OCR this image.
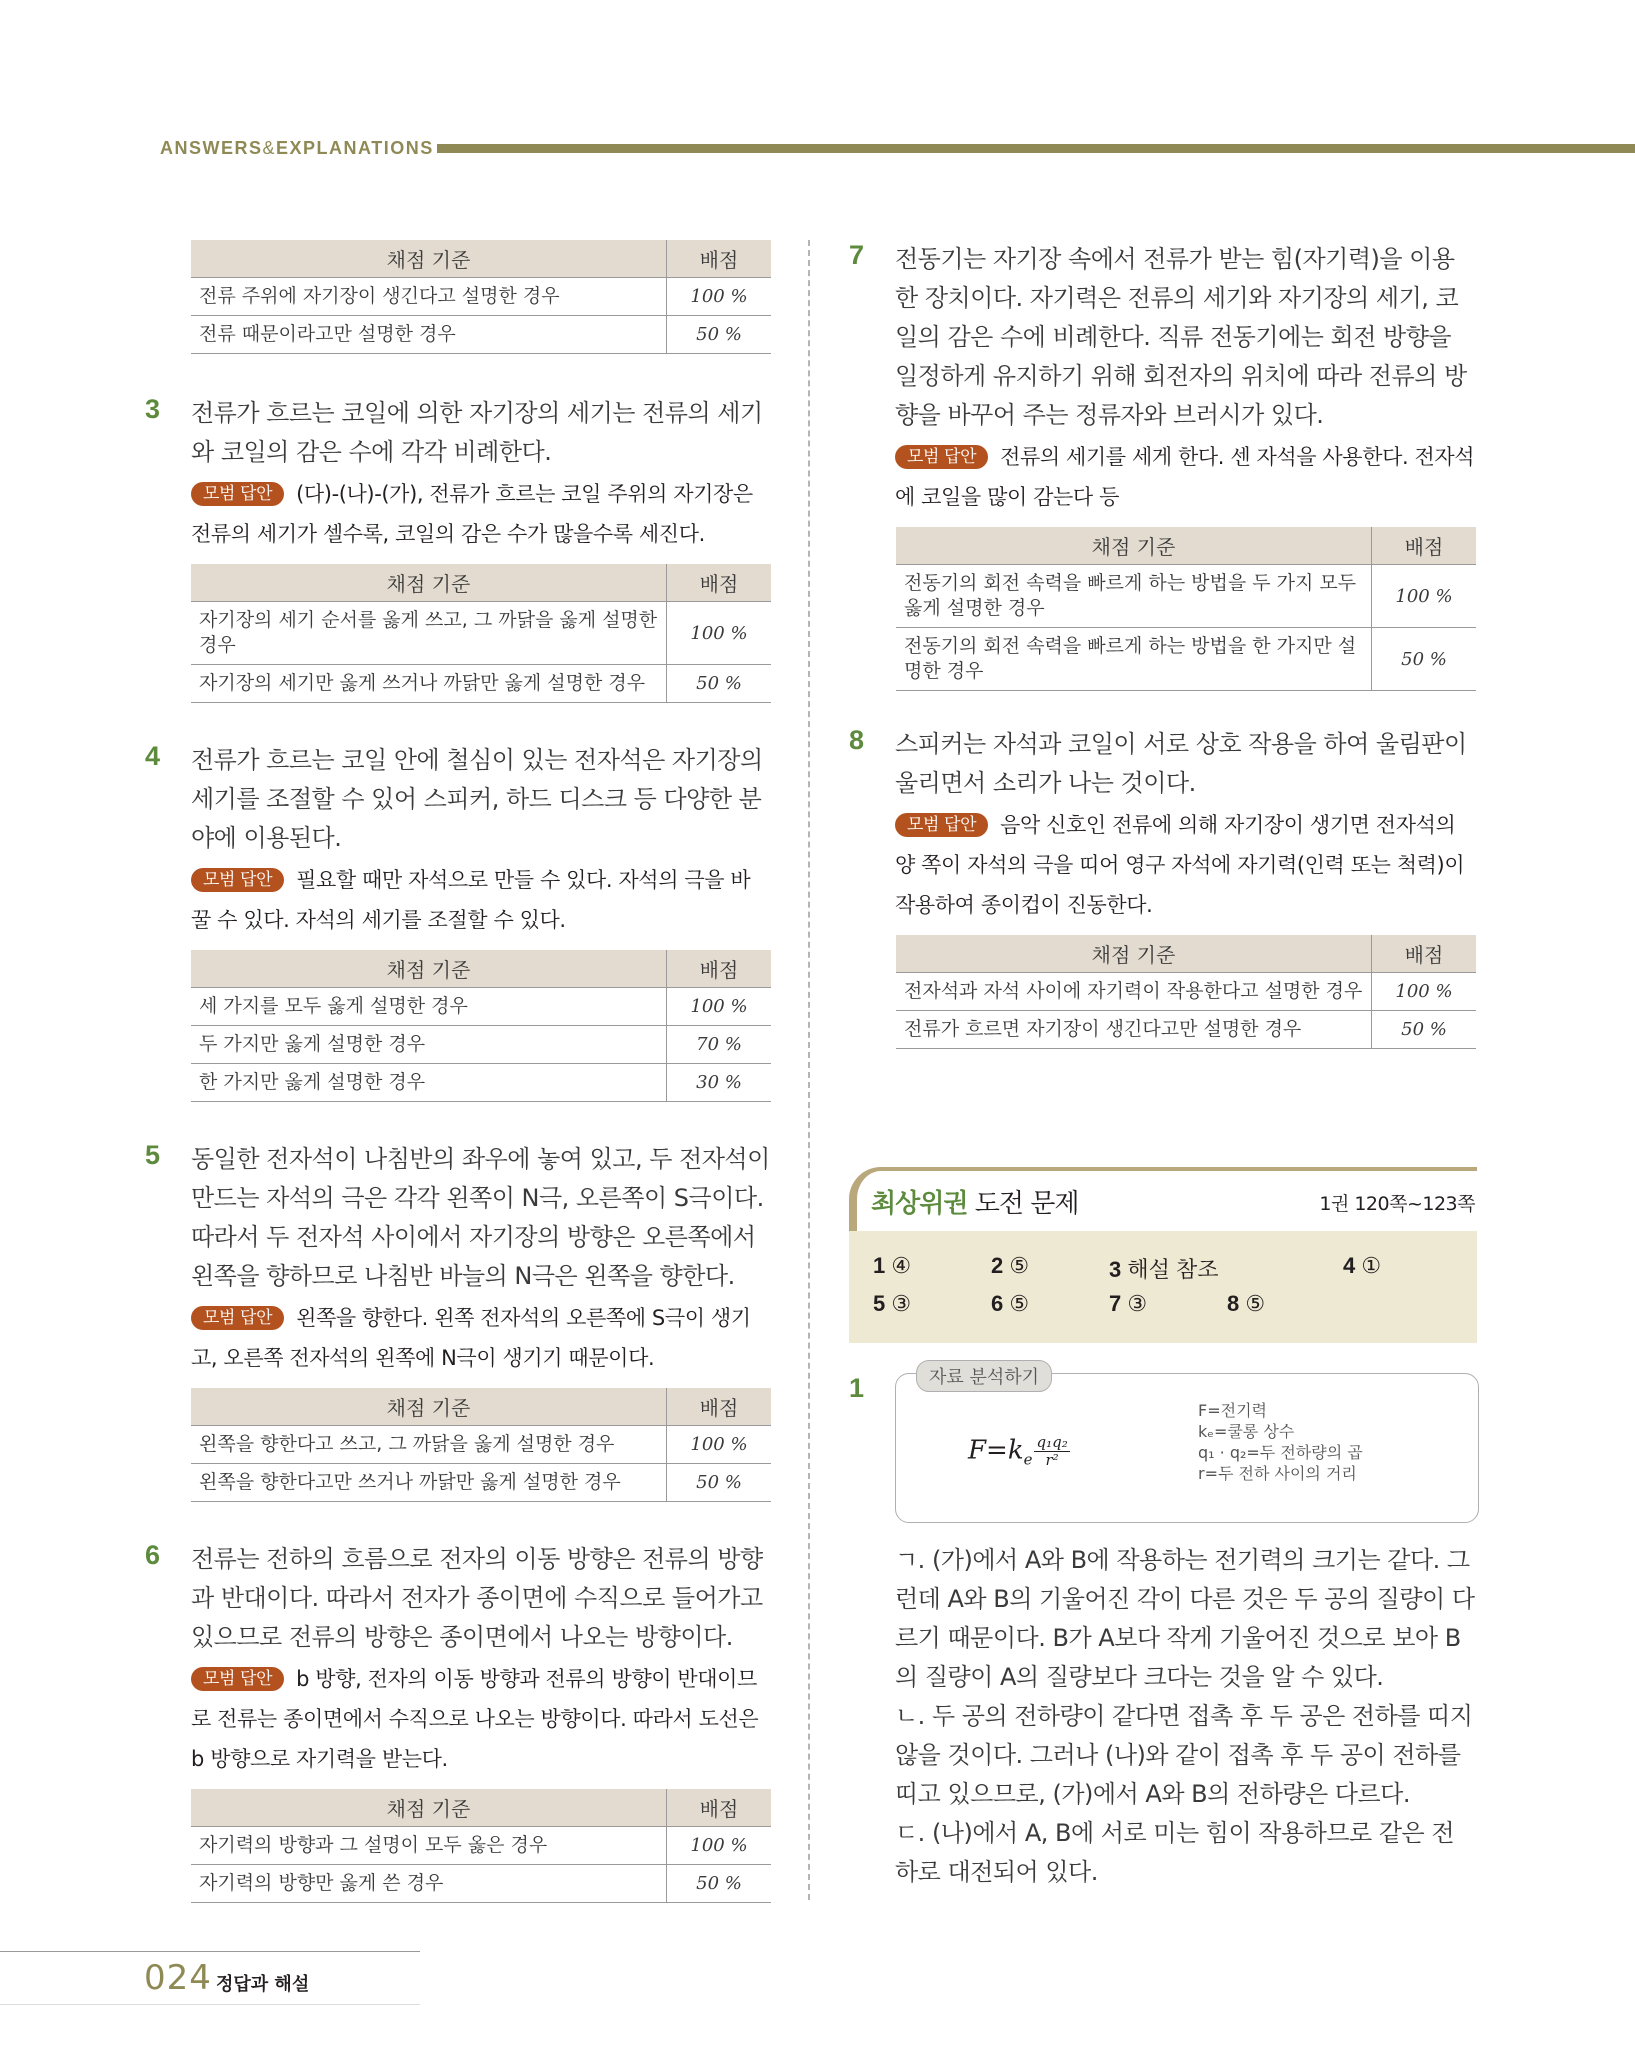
ANSWERS&EXPLANATIONS
채점 기준	배점
전류 주위에 자기장이 생긴다고 설명한 경우	100 %
전류 때문이라고만 설명한 경우	50 %
3 전류가 흐르는 코일에 의한 자기장의 세기는 전류의 세기와 코일의 감은 수에 각각 비례한다.
모범 답안 (다)-(나)-(가), 전류가 흐르는 코일 주위의 자기장은 전류의 세기가 셀수록, 코일의 감은 수가 많을수록 세진다.
채점 기준	배점
자기장의 세기 순서를 옳게 쓰고, 그 까닭을 옳게 설명한 경우	100 %
자기장의 세기만 옳게 쓰거나 까닭만 옳게 설명한 경우	50 %
4 전류가 흐르는 코일 안에 철심이 있는 전자석은 자기장의 세기를 조절할 수 있어 스피커, 하드 디스크 등 다양한 분야에 이용된다.
모범 답안 필요할 때만 자석으로 만들 수 있다. 자석의 극을 바꿀 수 있다. 자석의 세기를 조절할 수 있다.
채점 기준	배점
세 가지를 모두 옳게 설명한 경우	100 %
두 가지만 옳게 설명한 경우	70 %
한 가지만 옳게 설명한 경우	30 %
5 동일한 전자석이 나침반의 좌우에 놓여 있고, 두 전자석이 만드는 자석의 극은 각각 왼쪽이 N극, 오른쪽이 S극이다. 따라서 두 전자석 사이에서 자기장의 방향은 오른쪽에서 왼쪽을 향하므로 나침반 바늘의 N극은 왼쪽을 향한다.
모범 답안 왼쪽을 향한다. 왼쪽 전자석의 오른쪽에 S극이 생기고, 오른쪽 전자석의 왼쪽에 N극이 생기기 때문이다.
채점 기준	배점
왼쪽을 향한다고 쓰고, 그 까닭을 옳게 설명한 경우	100 %
왼쪽을 향한다고만 쓰거나 까닭만 옳게 설명한 경우	50 %
6 전류는 전하의 흐름으로 전자의 이동 방향은 전류의 방향과 반대이다. 따라서 전자가 종이면에 수직으로 들어가고 있으므로 전류의 방향은 종이면에서 나오는 방향이다.
모범 답안 b 방향, 전자의 이동 방향과 전류의 방향이 반대이므로 전류는 종이면에서 수직으로 나오는 방향이다. 따라서 도선은 b 방향으로 자기력을 받는다.
채점 기준	배점
자기력의 방향과 그 설명이 모두 옳은 경우	100 %
자기력의 방향만 옳게 쓴 경우	50 %
7 전동기는 자기장 속에서 전류가 받는 힘(자기력)을 이용한 장치이다. 자기력은 전류의 세기와 자기장의 세기, 코일의 감은 수에 비례한다. 직류 전동기에는 회전 방향을 일정하게 유지하기 위해 회전자의 위치에 따라 전류의 방향을 바꾸어 주는 정류자와 브러시가 있다.
모범 답안 전류의 세기를 세게 한다. 센 자석을 사용한다. 전자석에 코일을 많이 감는다 등
채점 기준	배점
전동기의 회전 속력을 빠르게 하는 방법을 두 가지 모두 옳게 설명한 경우	100 %
전동기의 회전 속력을 빠르게 하는 방법을 한 가지만 설명한 경우	50 %
8 스피커는 자석과 코일이 서로 상호 작용을 하여 울림판이 울리면서 소리가 나는 것이다.
모범 답안 음악 신호인 전류에 의해 자기장이 생기면 전자석의 양 쪽이 자석의 극을 띠어 영구 자석에 자기력(인력 또는 척력)이 작용하여 종이컵이 진동한다.
채점 기준	배점
전자석과 자석 사이에 자기력이 작용한다고 설명한 경우	100 %
전류가 흐르면 자기장이 생긴다고만 설명한 경우	50 %
최상위권 도전 문제	1권 120쪽~123쪽
1 ④	2 ⑤	3 해설 참조	4 ①
5 ③	6 ⑤	7 ③	8 ⑤
1	자료 분석하기
$F=k_e \frac{\text{q₁q₂}}{\text{r²}}$
F=전기력
kₑ=쿨롱 상수
q₁ · q₂=두 전하량의 곱
r=두 전하 사이의 거리
ㄱ. (가)에서 A와 B에 작용하는 전기력의 크기는 같다. 그런데 A와 B의 기울어진 각이 다른 것은 두 공의 질량이 다르기 때문이다. B가 A보다 작게 기울어진 것으로 보아 B의 질량이 A의 질량보다 크다는 것을 알 수 있다.
ㄴ. 두 공의 전하량이 같다면 접촉 후 두 공은 전하를 띠지 않을 것이다. 그러나 (나)와 같이 접촉 후 두 공이 전하를 띠고 있으므로, (가)에서 A와 B의 전하량은 다르다.
ㄷ. (나)에서 A, B에 서로 미는 힘이 작용하므로 같은 전하로 대전되어 있다.
024 정답과 해설
